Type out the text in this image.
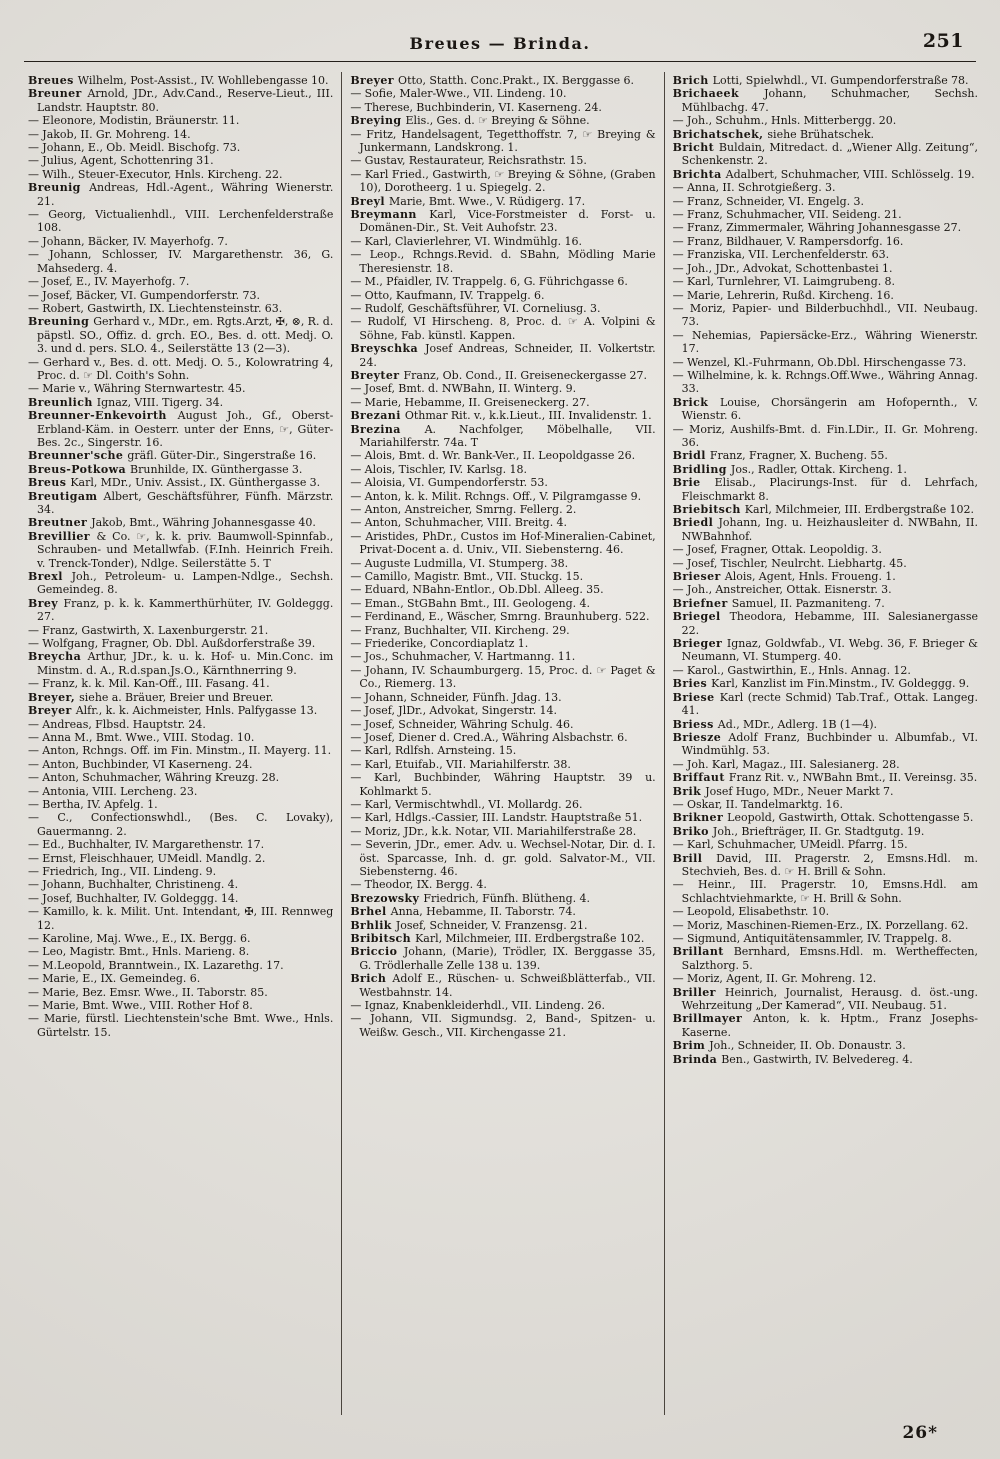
Breues — Brinda.	251

Breues Wilhelm, Post-Assist., IV. Wohllebengasse 10.

Breuner Arnold, JDr., Adv.Cand., Reserve-Lieut., III. Landstr. Hauptstr. 80.

— Eleonore, Modistin, Bräunerstr. 11.

— Jakob, II. Gr. Mohreng. 14.

— Johann, E., Ob. Meidl. Bischofg. 73.

— Julius, Agent, Schottenring 31.

— Wilh., Steuer-Executor, Hnls. Kircheng. 22.

Breunig Andreas, Hdl.-Agent., Währing Wienerstr. 21.

— Georg, Victualienhdl., VIII. Lerchenfelderstraße 108.

— Johann, Bäcker, IV. Mayerhofg. 7.

— Johann, Schlosser, IV. Margarethenstr. 36, G. Mahsederg. 4.

— Josef, E., IV. Mayerhofg. 7.

— Josef, Bäcker, VI. Gumpendorferstr. 73.

— Robert, Gastwirth, IX. Liechtensteinstr. 63.

Breuning Gerhard v., MDr., em. Rgts.Arzt, ✠, ⊗, R. d. päpstl. SO., Offiz. d. grch. EO., Bes. d. ott. Medj. O. 3. und d. pers. SLO. 4., Seilerstätte 13 (2—3).

— Gerhard v., Bes. d. ott. Medj. O. 5., Kolowratring 4, Proc. d. ☞ Dl. Coith's Sohn.

— Marie v., Währing Sternwartestr. 45.

Breunlich Ignaz, VIII. Tigerg. 34.

Breunner-Enkevoirth August Joh., Gf., Oberst-Erbland-Käm. in Oesterr. unter der Enns, ☞, Güter-Bes. 2c., Singerstr. 16.

Breunner'sche gräfl. Güter-Dir., Singerstraße 16.

Breus-Potkowa Brunhilde, IX. Günthergasse 3.

Breus Karl, MDr., Univ. Assist., IX. Günthergasse 3.

Breutigam Albert, Geschäftsführer, Fünfh. Märzstr. 34.

Breutner Jakob, Bmt., Währing Johannesgasse 40.

Brevillier & Co. ☞, k. k. priv. Baumwoll-Spinnfab., Schrauben- und Metallwfab. (F.Inh. Heinrich Freih. v. Trenck-Tonder), Ndlge. Seilerstätte 5. T

Brexl Joh., Petroleum- u. Lampen-Ndlge., Sechsh. Gemeindeg. 8.

Brey Franz, p. k. k. Kammerthürhüter, IV. Goldeggg. 27.

— Franz, Gastwirth, X. Laxenburgerstr. 21.

— Wolfgang, Fragner, Ob. Dbl. Außdorferstraße 39.

Breycha Arthur, JDr., k. u. k. Hof- u. Min.Conc. im Minstm. d. A., R.d.span.Js.O., Kärnthnerring 9.

— Franz, k. k. Mil. Kan-Off., III. Fasang. 41.

Breyer, siehe a. Bräuer, Breier und Breuer.

Breyer Alfr., k. k. Aichmeister, Hnls. Palfygasse 13.

— Andreas, Flbsd. Hauptstr. 24.

— Anna M., Bmt. Wwe., VIII. Stodag. 10.

— Anton, Rchngs. Off. im Fin. Minstm., II. Mayerg. 11.

— Anton, Buchbinder, VI Kaserneng. 24.

— Anton, Schuhmacher, Währing Kreuzg. 28.

— Antonia, VIII. Lercheng. 23.

— Bertha, IV. Apfelg. 1.

— C., Confectionswhdl., (Bes. C. Lovaky), Gauermanng. 2.

— Ed., Buchhalter, IV. Margarethenstr. 17.

— Ernst, Fleischhauer, UMeidl. Mandlg. 2.

— Friedrich, Ing., VII. Lindeng. 9.

— Johann, Buchhalter, Christineng. 4.

— Josef, Buchhalter, IV. Goldeggg. 14.

— Kamillo, k. k. Milit. Unt. Intendant, ✠, III. Rennweg 12.

— Karoline, Maj. Wwe., E., IX. Bergg. 6.

— Leo, Magistr. Bmt., Hnls. Marieng. 8.

— M.Leopold, Branntwein., IX. Lazarethg. 17.

— Marie, E., IX. Gemeindeg. 6.

— Marie, Bez. Emsr. Wwe., II. Taborstr. 85.

— Marie, Bmt. Wwe., VIII. Rother Hof 8.

— Marie, fürstl. Liechtenstein'sche Bmt. Wwe., Hnls. Gürtelstr. 15.

Breyer Otto, Statth. Conc.Prakt., IX. Berggasse 6.

— Sofie, Maler-Wwe., VII. Lindeng. 10.

— Therese, Buchbinderin, VI. Kaserneng. 24.

Breying Elis., Ges. d. ☞ Breying & Söhne.

— Fritz, Handelsagent, Tegetthoffstr. 7, ☞ Breying & Junkermann, Landskrong. 1.

— Gustav, Restaurateur, Reichsrathstr. 15.

— Karl Fried., Gastwirth, ☞ Breying & Söhne, (Graben 10), Dorotheerg. 1 u. Spiegelg. 2.

Breyl Marie, Bmt. Wwe., V. Rüdigerg. 17.

Breymann Karl, Vice-Forstmeister d. Forst- u. Domänen-Dir., St. Veit Auhofstr. 23.

— Karl, Clavierlehrer, VI. Windmühlg. 16.

— Leop., Rchngs.Revid. d. SBahn, Mödling Marie Theresienstr. 18.

— M., Pfaidler, IV. Trappelg. 6, G. Führichgasse 6.

— Otto, Kaufmann, IV. Trappelg. 6.

— Rudolf, Geschäftsführer, VI. Corneliusg. 3.

— Rudolf, VI Hirscheng. 8, Proc. d. ☞ A. Volpini & Söhne, Fab. künstl. Kappen.

Breyschka Josef Andreas, Schneider, II. Volkertstr. 24.

Breyter Franz, Ob. Cond., II. Greiseneckergasse 27.

— Josef, Bmt. d. NWBahn, II. Winterg. 9.

— Marie, Hebamme, II. Greiseneckerg. 27.

Brezani Othmar Rit. v., k.k.Lieut., III. Invalidenstr. 1.

Brezina A. Nachfolger, Möbelhalle, VII. Mariahilferstr. 74a. T

— Alois, Bmt. d. Wr. Bank-Ver., II. Leopoldgasse 26.

— Alois, Tischler, IV. Karlsg. 18.

— Aloisia, VI. Gumpendorferstr. 53.

— Anton, k. k. Milit. Rchngs. Off., V. Pilgramgasse 9.

— Anton, Anstreicher, Smrng. Fellerg. 2.

— Anton, Schuhmacher, VIII. Breitg. 4.

— Aristides, PhDr., Custos im Hof-Mineralien-Cabinet, Privat-Docent a. d. Univ., VII. Siebensterng. 46.

— Auguste Ludmilla, VI. Stumperg. 38.

— Camillo, Magistr. Bmt., VII. Stuckg. 15.

— Eduard, NBahn-Entlor., Ob.Dbl. Alleeg. 35.

— Eman., StGBahn Bmt., III. Geologeng. 4.

— Ferdinand, E., Wäscher, Smrng. Braunhuberg. 522.

— Franz, Buchhalter, VII. Kircheng. 29.

— Friederike, Concordiaplatz 1.

— Jos., Schuhmacher, V. Hartmanng. 11.

— Johann, IV. Schaumburgerg. 15, Proc. d. ☞ Paget & Co., Riemerg. 13.

— Johann, Schneider, Fünfh. Jdag. 13.

— Josef, JlDr., Advokat, Singerstr. 14.

— Josef, Schneider, Währing Schulg. 46.

— Josef, Diener d. Cred.A., Währing Alsbachstr. 6.

— Karl, Rdlfsh. Arnsteing. 15.

— Karl, Etuifab., VII. Mariahilferstr. 38.

— Karl, Buchbinder, Währing Hauptstr. 39 u. Kohlmarkt 5.

— Karl, Vermischtwhdl., VI. Mollardg. 26.

— Karl, Hdlgs.-Cassier, III. Landstr. Hauptstraße 51.

— Moriz, JDr., k.k. Notar, VII. Mariahilferstraße 28.

— Severin, JDr., emer. Adv. u. Wechsel-Notar, Dir. d. I. öst. Sparcasse, Inh. d. gr. gold. Salvator-M., VII. Siebensterng. 46.

— Theodor, IX. Bergg. 4.

Brezowsky Friedrich, Fünfh. Blütheng. 4.

Brhel Anna, Hebamme, II. Taborstr. 74.

Brhlik Josef, Schneider, V. Franzensg. 21.

Bribitsch Karl, Milchmeier, III. Erdbergstraße 102.

Briccio Johann, (Marie), Trödler, IX. Berggasse 35, G. Trödlerhalle Zelle 138 u. 139.

Brich Adolf E., Rüschen- u. Schweißblätterfab., VII. Westbahnstr. 14.

— Ignaz, Knabenkleiderhdl., VII. Lindeng. 26.

— Johann, VII. Sigmundsg. 2, Band-, Spitzen- u. Weißw. Gesch., VII. Kirchengasse 21.

Brich Lotti, Spielwhdl., VI. Gumpendorferstraße 78.

Brichaeek Johann, Schuhmacher, Sechsh. Mühlbachg. 47.

— Joh., Schuhm., Hnls. Mitterbergg. 20.

Brichatschek, siehe Brühatschek.

Bricht Buldain, Mitredact. d. „Wiener Allg. Zeitung“, Schenkenstr. 2.

Brichta Adalbert, Schuhmacher, VIII. Schlösselg. 19.

— Anna, II. Schrotgießerg. 3.

— Franz, Schneider, VI. Engelg. 3.

— Franz, Schuhmacher, VII. Seideng. 21.

— Franz, Zimmermaler, Währing Johannesgasse 27.

— Franz, Bildhauer, V. Rampersdorfg. 16.

— Franziska, VII. Lerchenfelderstr. 63.

— Joh., JDr., Advokat, Schottenbastei 1.

— Karl, Turnlehrer, VI. Laimgrubeng. 8.

— Marie, Lehrerin, Rußd. Kircheng. 16.

— Moriz, Papier- und Bilderbuchhdl., VII. Neubaug. 73.

— Nehemias, Papiersäcke-Erz., Währing Wienerstr. 17.

— Wenzel, Kl.-Fuhrmann, Ob.Dbl. Hirschengasse 73.

— Wilhelmine, k. k. Rchngs.Off.Wwe., Währing Annag. 33.

Brick Louise, Chorsängerin am Hofopernth., V. Wienstr. 6.

— Moriz, Aushilfs-Bmt. d. Fin.LDir., II. Gr. Mohreng. 36.

Bridl Franz, Fragner, X. Bucheng. 55.

Bridling Jos., Radler, Ottak. Kircheng. 1.

Brie Elisab., Placirungs-Inst. für d. Lehrfach, Fleischmarkt 8.

Briebitsch Karl, Milchmeier, III. Erdbergstraße 102.

Briedl Johann, Ing. u. Heizhausleiter d. NWBahn, II. NWBahnhof.

— Josef, Fragner, Ottak. Leopoldig. 3.

— Josef, Tischler, Neulrcht. Liebhartg. 45.

Brieser Alois, Agent, Hnls. Froueng. 1.

— Joh., Anstreicher, Ottak. Eisnerstr. 3.

Briefner Samuel, II. Pazmaniteng. 7.

Briegel Theodora, Hebamme, III. Salesianergasse 22.

Brieger Ignaz, Goldwfab., VI. Webg. 36, F. Brieger & Neumann, VI. Stumperg. 40.

— Karol., Gastwirthin, E., Hnls. Annag. 12.

Bries Karl, Kanzlist im Fin.Minstm., IV. Goldeggg. 9.

Briese Karl (recte Schmid) Tab.Traf., Ottak. Langeg. 41.

Briess Ad., MDr., Adlerg. 1B (1—4).

Briesze Adolf Franz, Buchbinder u. Albumfab., VI. Windmühlg. 53.

— Joh. Karl, Magaz., III. Salesianerg. 28.

Briffaut Franz Rit. v., NWBahn Bmt., II. Vereinsg. 35.

Brik Josef Hugo, MDr., Neuer Markt 7.

— Oskar, II. Tandelmarktg. 16.

Brikner Leopold, Gastwirth, Ottak. Schottengasse 5.

Briko Joh., Briefträger, II. Gr. Stadtgutg. 19.

— Karl, Schuhmacher, UMeidl. Pfarrg. 15.

Brill David, III. Pragerstr. 2, Emsns.Hdl. m. Stechvieh, Bes. d. ☞ H. Brill & Sohn.

— Heinr., III. Pragerstr. 10, Emsns.Hdl. am Schlachtviehmarkte, ☞ H. Brill & Sohn.

— Leopold, Elisabethstr. 10.

— Moriz, Maschinen-Riemen-Erz., IX. Porzellang. 62.

— Sigmund, Antiquitätensammler, IV. Trappelg. 8.

Brillant Bernhard, Emsns.Hdl. m. Wertheffecten, Salzthorg. 5.

— Moriz, Agent, II. Gr. Mohreng. 12.

Briller Heinrich, Journalist, Herausg. d. öst.-ung. Wehrzeitung „Der Kamerad“, VII. Neubaug. 51.

Brillmayer Anton, k. k. Hptm., Franz Josephs-Kaserne.

Brim Joh., Schneider, II. Ob. Donaustr. 3.

Brinda Ben., Gastwirth, IV. Belvedereg. 4.

26*
